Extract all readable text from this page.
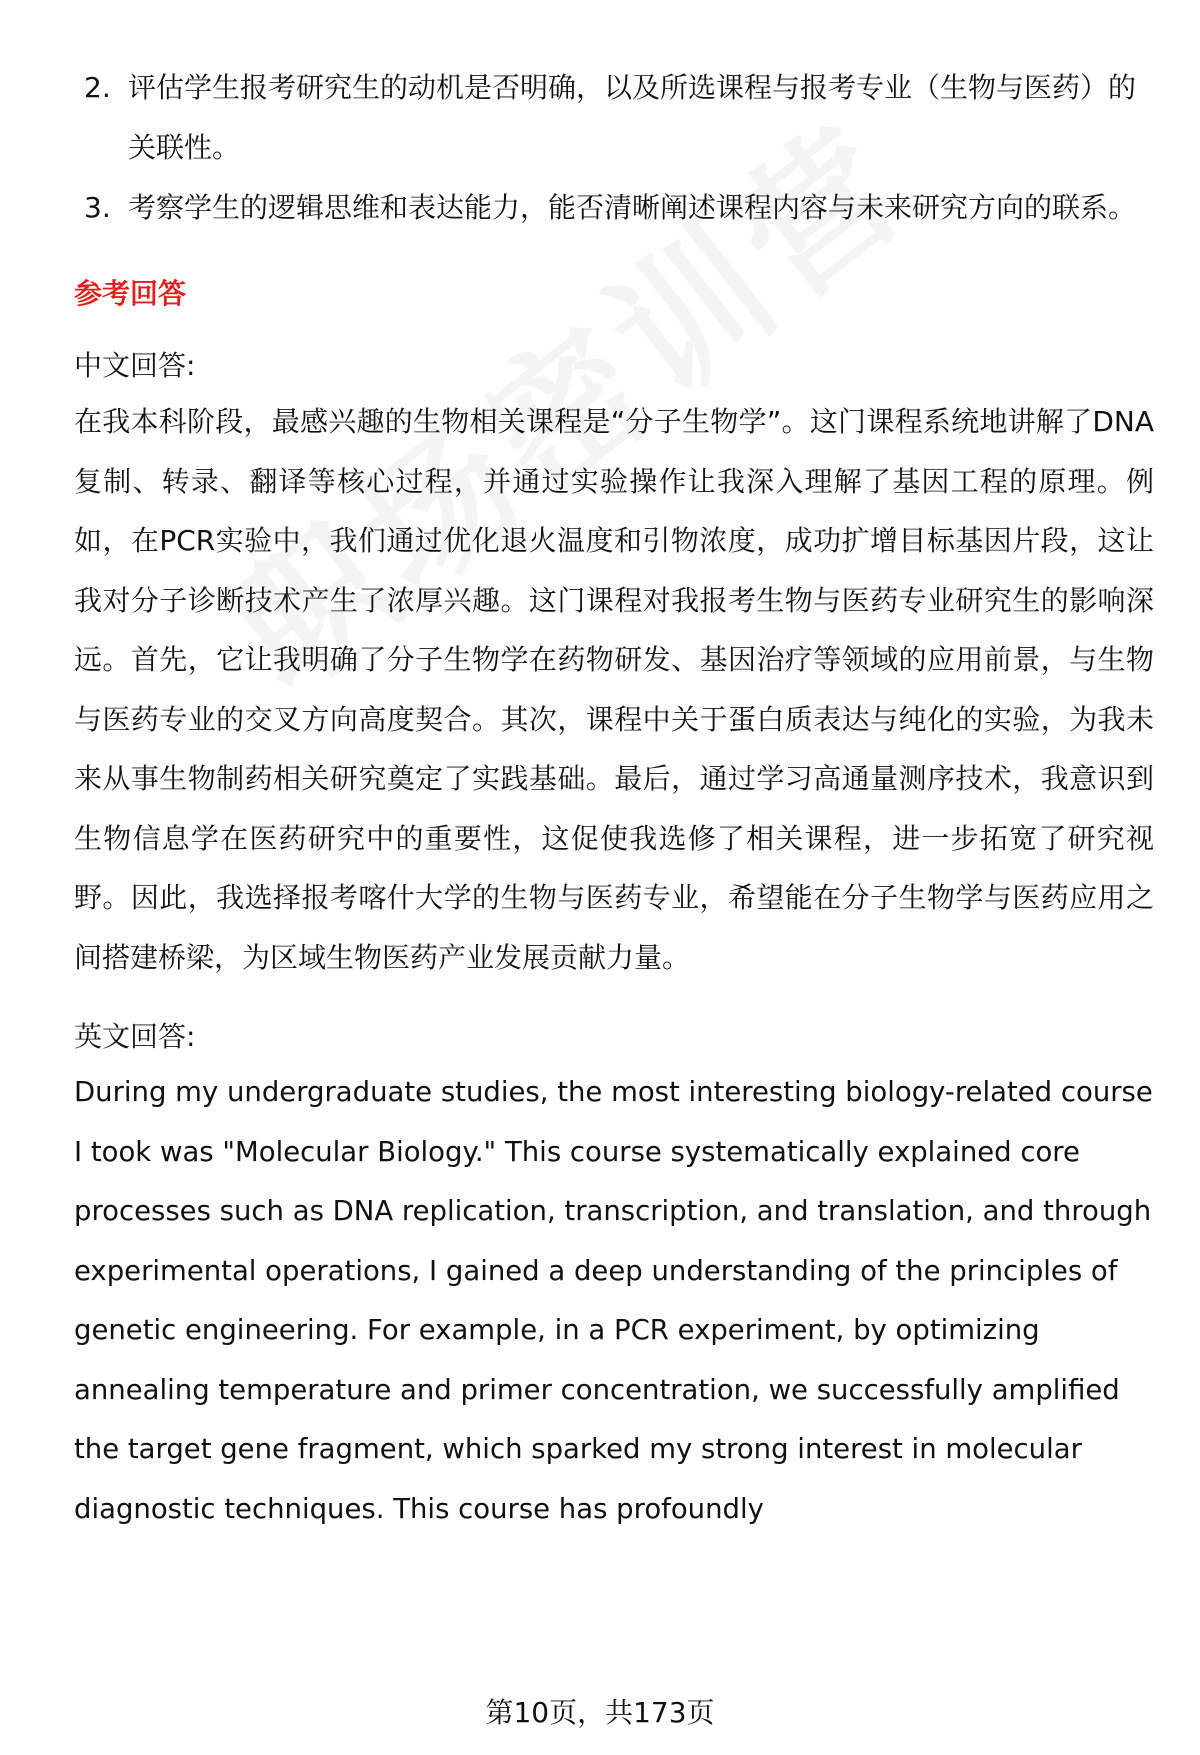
2. 评估学生报考研究生的动机是否明确，以及所选课程与报考专业（生物与医药）的关联性。
3. 考察学生的逻辑思维和表达能力，能否清晰阐述课程内容与未来研究方向的联系。
参考回答
中文回答:
在我本科阶段，最感兴趣的生物相关课程是“分子生物学”。这门课程系统地讲解了DNA复制、转录、翻译等核心过程，并通过实验操作让我深入理解了基因工程的原理。例如，在PCR实验中，我们通过优化退火温度和引物浓度，成功扩增目标基因片段，这让我对分子诊断技术产生了浓厚兴趣。这门课程对我报考生物与医药专业研究生的影响深远。首先，它让我明确了分子生物学在药物研发、基因治疗等领域的应用前景，与生物与医药专业的交叉方向高度契合。其次，课程中关于蛋白质表达与纯化的实验，为我未来从事生物制药相关研究奠定了实践基础。最后，通过学习高通量测序技术，我意识到生物信息学在医药研究中的重要性，这促使我选修了相关课程，进一步拓宽了研究视野。因此，我选择报考喀什大学的生物与医药专业，希望能在分子生物学与医药应用之间搭建桥梁，为区域生物医药产业发展贡献力量。
英文回答:
During my undergraduate studies, the most interesting biology-related course I took was "Molecular Biology." This course systematically explained core processes such as DNA replication, transcription, and translation, and through experimental operations, I gained a deep understanding of the principles of genetic engineering. For example, in a PCR experiment, by optimizing annealing temperature and primer concentration, we successfully amplified the target gene fragment, which sparked my strong interest in molecular diagnostic techniques. This course has profoundly
第10页，共173页
